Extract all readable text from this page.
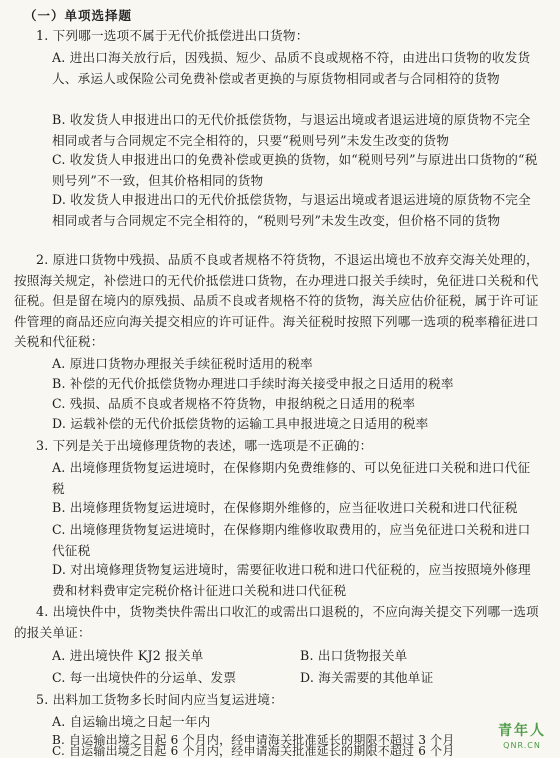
（一）单项选择题
1. 下列哪一选项不属于无代价抵偿进出口货物：
A. 进出口海关放行后，因残损、短少、品质不良或规格不符，由进出口货物的收发货人、承运人或保险公司免费补偿或者更换的与原货物相同或者与合同相符的货物
B. 收发货人申报进出口的无代价抵偿货物，与退运出境或者退运进境的原货物不完全相同或者与合同规定不完全相符的，只要“税则号列”未发生改变的货物
C. 收发货人申报进出口的免费补偿或更换的货物，如“税则号列”与原进出口货物的“税则号列”不一致，但其价格相同的货物
D. 收发货人申报进出口的无代价抵偿货物，与退运出境或者退运进境的原货物不完全相同或者与合同规定不完全相符的，“税则号列”未发生改变，但价格不同的货物
2. 原进口货物中残损、品质不良或者规格不符货物，不退运出境也不放弃交海关处理的，按照海关规定，补偿进口的无代价抵偿进口货物，在办理进口报关手续时，免征进口关税和代征税。但是留在境内的原残损、品质不良或者规格不符的货物，海关应估价征税，属于许可证件管理的商品还应向海关提交相应的许可证件。海关征税时按照下列哪一选项的税率稽征进口关税和代征税：
A. 原进口货物办理报关手续征税时适用的税率
B. 补偿的无代价抵偿货物办理进口手续时海关接受申报之日适用的税率
C. 残损、品质不良或者规格不符货物，申报纳税之日适用的税率
D. 运载补偿的无代价抵偿货物的运输工具申报进境之日适用的税率
3. 下列是关于出境修理货物的表述，哪一选项是不正确的：
A. 出境修理货物复运进境时，在保修期内免费维修的、可以免征进口关税和进口代征税
B. 出境修理货物复运进境时，在保修期外维修的，应当征收进口关税和进口代征税
C. 出境修理货物复运进境时，在保修期内维修收取费用的，应当免征进口关税和进口代征税
D. 对出境修理货物复运进境时，需要征收进口税和进口代征税的，应当按照境外修理费和材料费审定完税价格计征进口关税和进口代征税
4. 出境快件中，货物类快件需出口收汇的或需出口退税的，不应向海关提交下列哪一选项的报关单证：
A. 进出境快件 KJ2 报关单	B. 出口货物报关单
C. 每一出境快件的分运单、发票	D. 海关需要的其他单证
5. 出料加工货物多长时间内应当复运进境：
A. 自运输出境之日起一年内
B. 自运输出境之日起 6 个月内，经申请海关批准延长的期限不超过 3 个月
C. 自运输出境之日起 6 个月内，经申请海关批准延长的期限不超过 6 个月
青年人
QNR.CN
